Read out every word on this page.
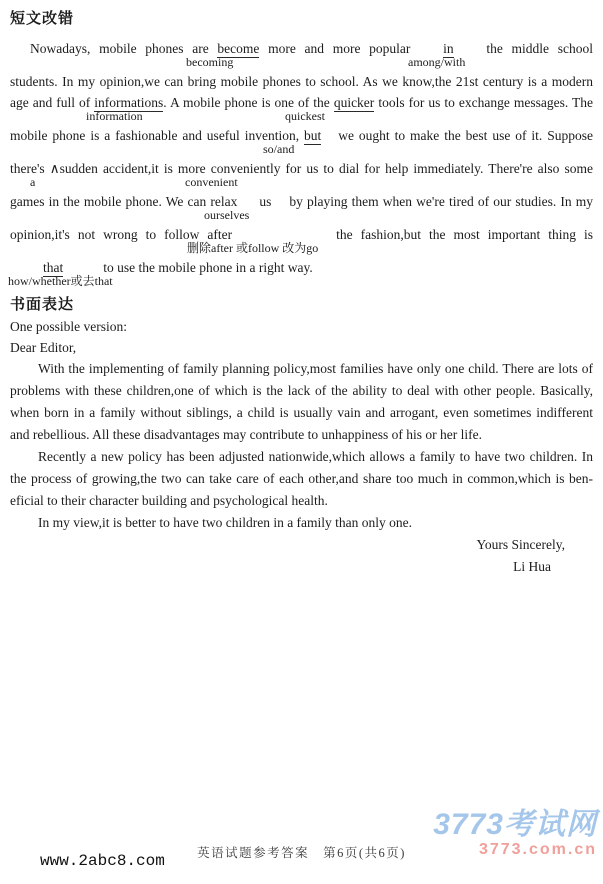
短文改错
Nowadays, mobile phones are become more and more popular in the middle school
becoming	among/with
students. In my opinion,we can bring mobile phones to school. As we know,the 21st century is a modern
age and full of informations. A mobile phone is one of the quicker tools for us to exchange messages. The
information	quickest
mobile phone is a fashionable and useful invention, but we ought to make the best use of it. Suppose
so/and
there's ∧sudden accident,it is more conveniently for us to dial for help immediately. There're also some
a	convenient
games in the mobile phone. We can relax us by playing them when we're tired of our studies. In my
ourselves
opinion,it's not wrong to follow after	the fashion,but the most important thing is
删除after 或follow 改为go
that	to use the mobile phone in a right way.
how/whether或去that
书面表达
One possible version:
Dear Editor,
With the implementing of family planning policy,most families have only one child. There are lots of
problems with these children,one of which is the lack of the ability to deal with other people. Basically,
when born in a family without siblings, a child is usually vain and arrogant, even sometimes indifferent
and rebellious. All these disadvantages may contribute to unhappiness of his or her life.
Recently a new policy has been adjusted nationwide,which allows a family to have two children. In
the process of growing,the two can take care of each other,and share too much in common,which is ben-
eficial to their character building and psychological health.
In my view,it is better to have two children in a family than only one.
Yours Sincerely,
Li Hua
英语试题参考答案　第6页(共6页)
3773考试网
3773.com.cn
www.2abc8.com
